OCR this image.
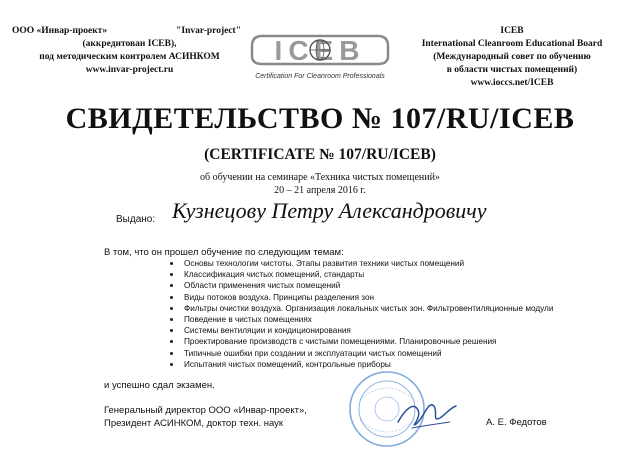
ООО «Инвар-проект»	"Invar-project"
(аккредитован ICEB),
под методическим контролем АСИНКОМ
www.invar-project.ru
ICEB
Certification For Cleanroom Professionals
ICEB
International Cleanroom Educational Board
(Международный совет по обучению
в области чистых помещений)
www.ioccs.net/ICEB
СВИДЕТЕЛЬСТВО № 107/RU/ICEB
(CERTIFICATE № 107/RU/ICEB)
об обучении на семинаре «Техника чистых помещений»
20 – 21 апреля 2016 г.
Выдано: Кузнецову Петру Александровичу
В том, что он прошел обучение по следующим темам:
Основы технологии чистоты. Этапы развития техники чистых помещений
Классификация чистых помещений, стандарты
Области применения чистых помещений
Виды потоков воздуха. Принципы разделения зон
Фильтры очистки воздуха. Организация локальных чистых зон. Фильтровентиляционные модули
Поведение в чистых помещениях
Системы вентиляции и кондиционирования
Проектирование производств с чистыми помещениями. Планировочные решения
Типичные ошибки при создании и эксплуатации чистых помещений
Испытания чистых помещений, контрольные приборы
и успешно сдал экзамен.
Генеральный директор ООО «Инвар-проект»,
Президент АСИНКОМ, доктор техн. наук	А. Е. Федотов
